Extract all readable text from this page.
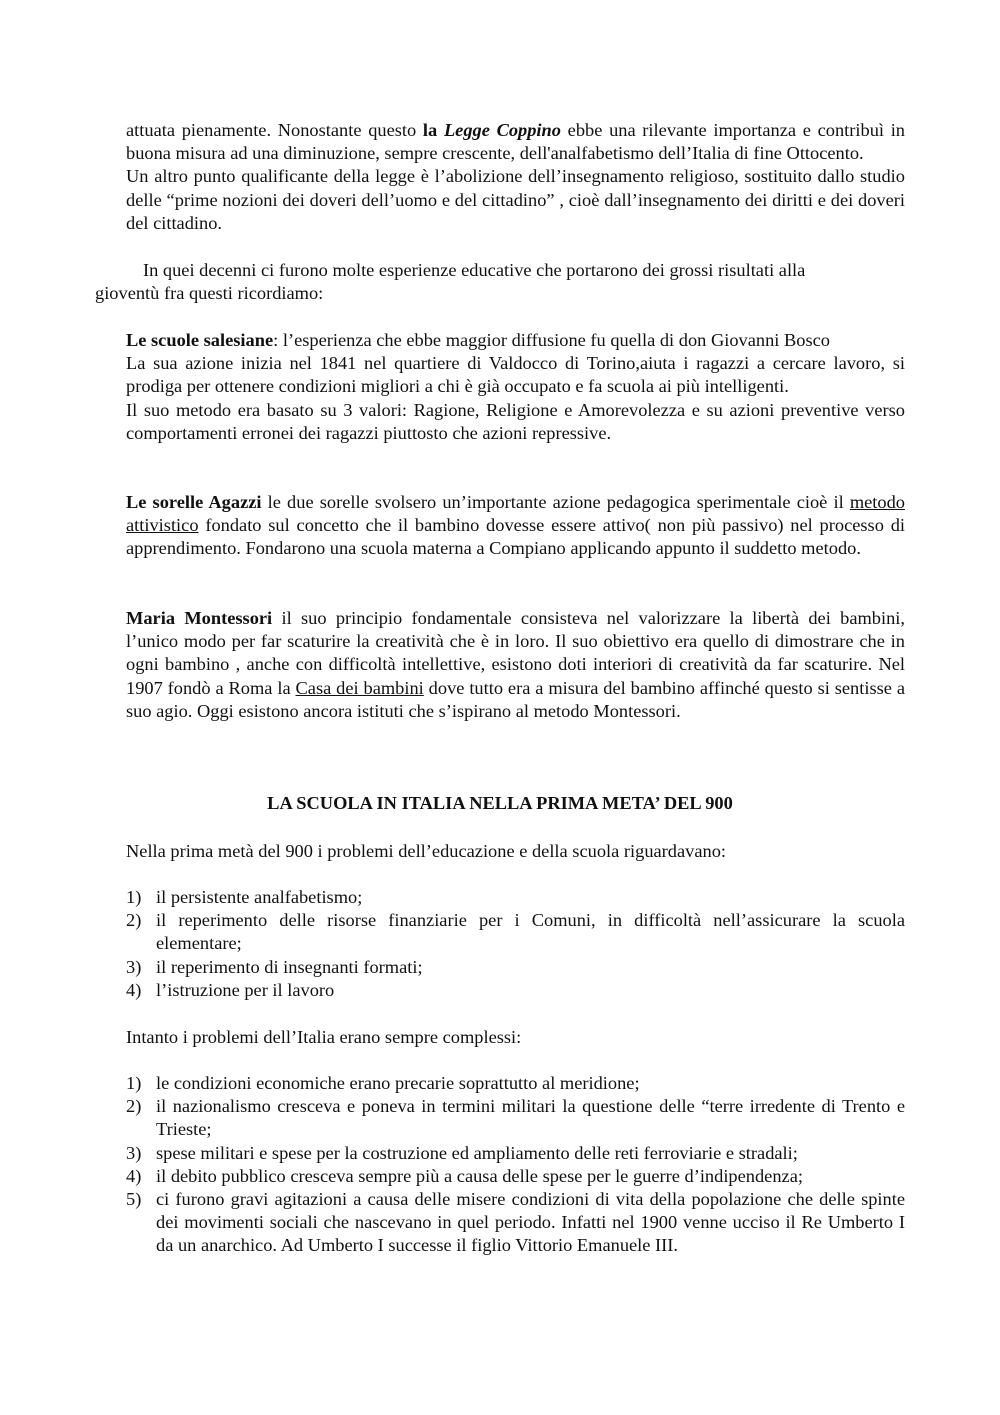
attuata pienamente. Nonostante questo la Legge Coppino ebbe una rilevante importanza e contribuì in buona misura ad una diminuzione, sempre crescente, dell'analfabetismo dell’Italia di fine Ottocento.

Un altro punto qualificante della legge è l’abolizione dell’insegnamento religioso, sostituito dallo studio delle “prime nozioni dei doveri dell’uomo e del cittadino” , cioè dall’insegnamento dei diritti e dei doveri del cittadino.

In quei decenni ci furono molte esperienze educative che portarono dei grossi risultati alla
gioventù fra questi ricordiamo:

Le scuole salesiane: l’esperienza che ebbe maggior diffusione fu quella di don Giovanni Bosco

La sua azione inizia nel 1841 nel quartiere di Valdocco di Torino,aiuta i ragazzi a cercare lavoro, si prodiga per ottenere condizioni migliori a chi è già occupato e fa scuola ai più intelligenti.

Il suo metodo era basato su 3 valori: Ragione, Religione e Amorevolezza e su azioni preventive verso comportamenti erronei dei ragazzi piuttosto che azioni repressive.

Le sorelle Agazzi le due sorelle svolsero un’importante azione pedagogica sperimentale cioè il metodo attivistico fondato sul concetto che il bambino dovesse essere attivo( non più passivo) nel processo di apprendimento. Fondarono una scuola materna a Compiano applicando appunto il suddetto metodo.

Maria Montessori il suo principio fondamentale consisteva nel valorizzare la libertà dei bambini, l’unico modo per far scaturire la creatività che è in loro. Il suo obiettivo era quello di dimostrare che in ogni bambino , anche con difficoltà intellettive, esistono doti interiori di creatività da far scaturire. Nel 1907 fondò a Roma la Casa dei bambini dove tutto era a misura del bambino affinché questo si sentisse a suo agio. Oggi esistono ancora istituti che s’ispirano al metodo Montessori.

LA SCUOLA IN ITALIA NELLA PRIMA META’ DEL 900
Nella prima metà del 900 i problemi dell’educazione e della scuola riguardavano:
1) il persistente analfabetismo;
2) il reperimento delle risorse finanziarie per i Comuni, in difficoltà nell’assicurare la scuola elementare;
3) il reperimento di insegnanti formati;
4) l’istruzione per il lavoro
Intanto i problemi dell’Italia erano sempre complessi:
1) le condizioni economiche erano precarie soprattutto al meridione;
2) il nazionalismo cresceva e poneva in termini militari la questione delle “terre irredente di Trento e Trieste;
3) spese militari e spese per la costruzione ed ampliamento delle reti ferroviarie e stradali;
4) il debito pubblico cresceva sempre più a causa delle spese per le guerre d’indipendenza;
5) ci furono gravi agitazioni a causa delle misere condizioni di vita della popolazione che delle spinte dei movimenti sociali che nascevano in quel periodo. Infatti nel 1900 venne ucciso il Re Umberto I da un anarchico. Ad Umberto I successe il figlio Vittorio Emanuele III.
